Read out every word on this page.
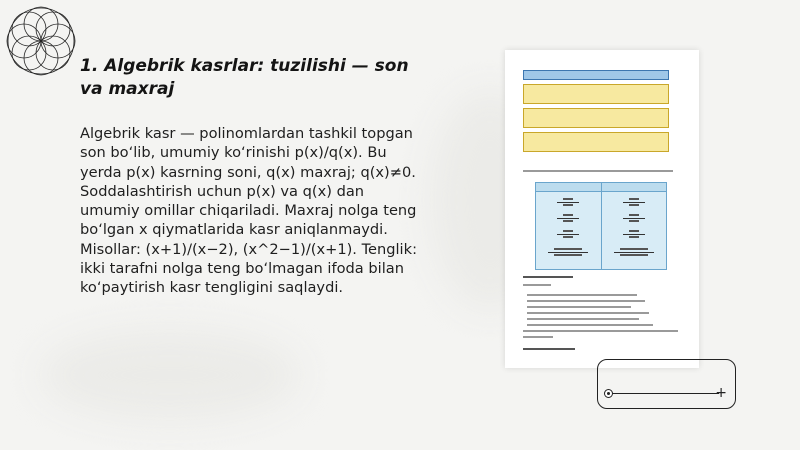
1. Algebrik kasrlar: tuzilishi — son va maxraj

Algebrik kasr — polinomlardan tashkil topgan son bo‘lib, umumiy ko‘rinishi p(x)/q(x). Bu yerda p(x) kasrning soni, q(x) maxraj; q(x)≠0. Soddalashtirish uchun p(x) va q(x) dan umumiy omillar chiqariladi. Maxraj nolga teng bo‘lgan x qiymatlarida kasr aniqlanmaydi. Misollar: (x+1)/(x−2), (x^2−1)/(x+1). Tenglik: ikki tarafni nolga teng bo‘lmagan ifoda bilan ko‘paytirish kasr tengligini saqlaydi.

+
